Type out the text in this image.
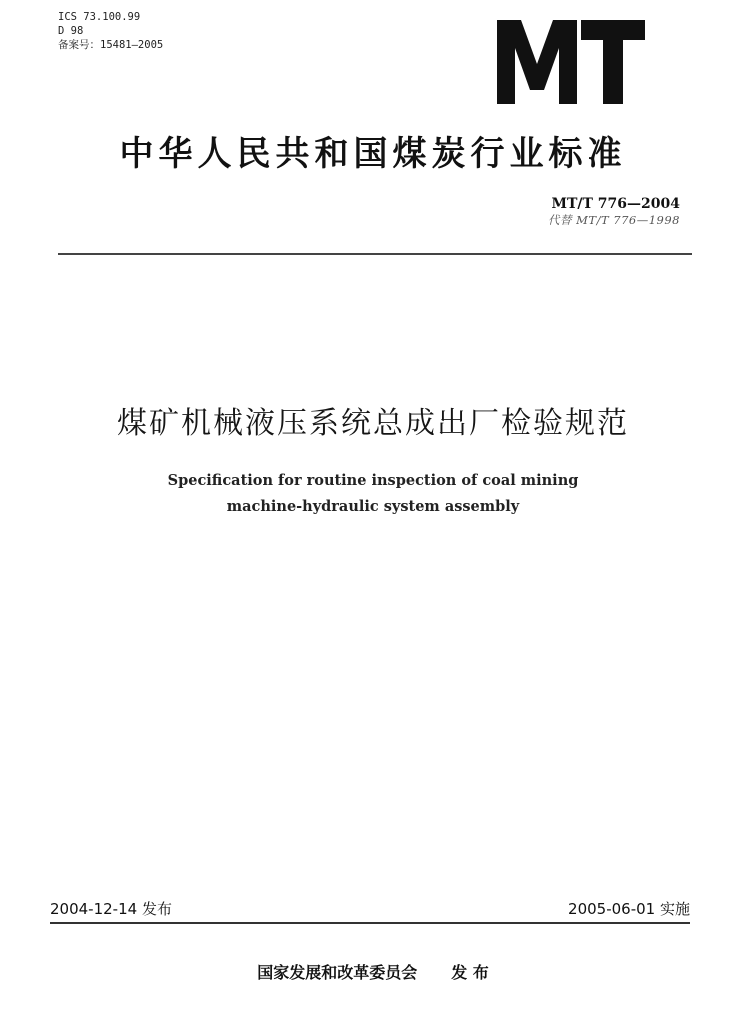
ICS 73.100.99
D 98
备案号：15481—2005
中华人民共和国煤炭行业标准
MT/T 776—2004
代替 MT/T 776—1998
煤矿机械液压系统总成出厂检验规范
Specification for routine inspection of coal mining
machine-hydraulic system assembly
2004-12-14 发布	2005-06-01 实施
国家发展和改革委员会 发 布
